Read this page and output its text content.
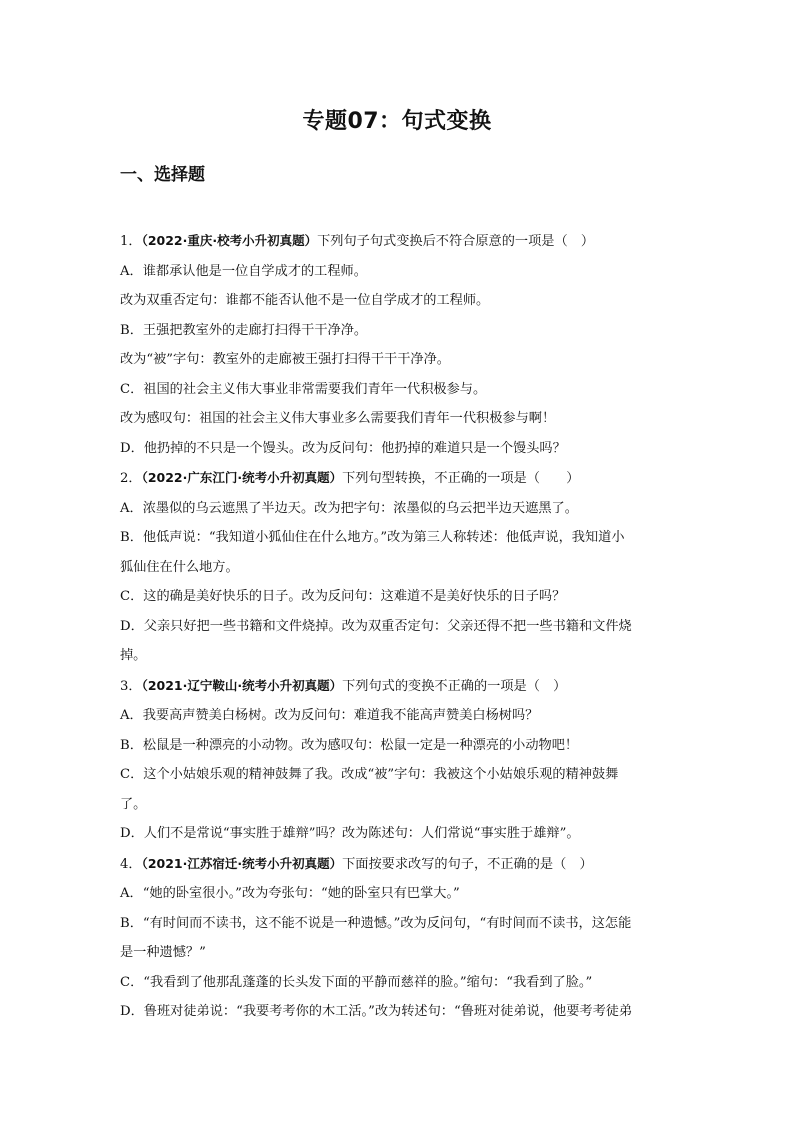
专题07：句式变换
一、选择题
1．（2022·重庆·校考小升初真题）下列句子句式变换后不符合原意的一项是（　）
A．谁都承认他是一位自学成才的工程师。
改为双重否定句：谁都不能否认他不是一位自学成才的工程师。
B．王强把教室外的走廊打扫得干干净净。
改为“被”字句：教室外的走廊被王强打扫得干干干净净。
C．祖国的社会主义伟大事业非常需要我们青年一代积极参与。
改为感叹句：祖国的社会主义伟大事业多么需要我们青年一代积极参与啊！
D．他扔掉的不只是一个馒头。改为反问句：他扔掉的难道只是一个馒头吗？
2．（2022·广东江门·统考小升初真题）下列句型转换，不正确的一项是（　　）
A．浓墨似的乌云遮黑了半边天。改为把字句：浓墨似的乌云把半边天遮黑了。
B．他低声说：“我知道小狐仙住在什么地方。”改为第三人称转述：他低声说，我知道小
狐仙住在什么地方。
C．这的确是美好快乐的日子。改为反问句：这难道不是美好快乐的日子吗？
D．父亲只好把一些书籍和文件烧掉。改为双重否定句：父亲还得不把一些书籍和文件烧
掉。
3．（2021·辽宁鞍山·统考小升初真题）下列句式的变换不正确的一项是（　）
A．我要高声赞美白杨树。改为反问句：难道我不能高声赞美白杨树吗？
B．松鼠是一种漂亮的小动物。改为感叹句：松鼠一定是一种漂亮的小动物吧！
C．这个小姑娘乐观的精神鼓舞了我。改成“被”字句：我被这个小姑娘乐观的精神鼓舞
了。
D．人们不是常说“事实胜于雄辩”吗？改为陈述句：人们常说“事实胜于雄辩”。
4．（2021·江苏宿迁·统考小升初真题）下面按要求改写的句子，不正确的是（　）
A．“她的卧室很小。”改为夸张句：“她的卧室只有巴掌大。”
B．“有时间而不读书，这不能不说是一种遗憾。”改为反问句，“有时间而不读书，这怎能
是一种遗憾？”
C．“我看到了他那乱蓬蓬的长头发下面的平静而慈祥的脸。”缩句：“我看到了脸。”
D．鲁班对徒弟说：“我要考考你的木工活。”改为转述句：“鲁班对徒弟说，他要考考徒弟
